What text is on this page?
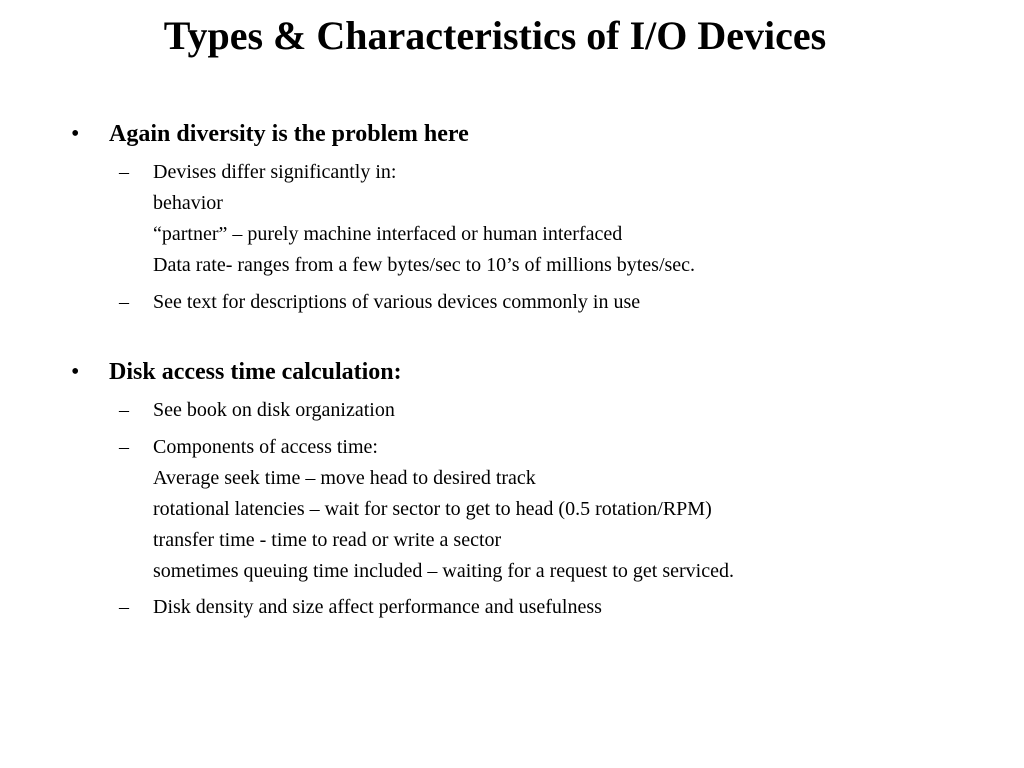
Types & Characteristics of I/O Devices
• Again diversity is the problem here
– Devises differ significantly in:
behavior
“partner” – purely machine interfaced or human interfaced
Data rate- ranges from a few bytes/sec to 10’s of millions bytes/sec.
– See text for descriptions of various devices commonly in use
• Disk access time calculation:
– See book on disk organization
– Components of access time:
Average seek time – move head to desired track
rotational latencies – wait for sector to get to head (0.5 rotation/RPM)
transfer time - time to read or write a sector
sometimes queuing time included – waiting for a request to get serviced.
– Disk density and size affect performance and usefulness
